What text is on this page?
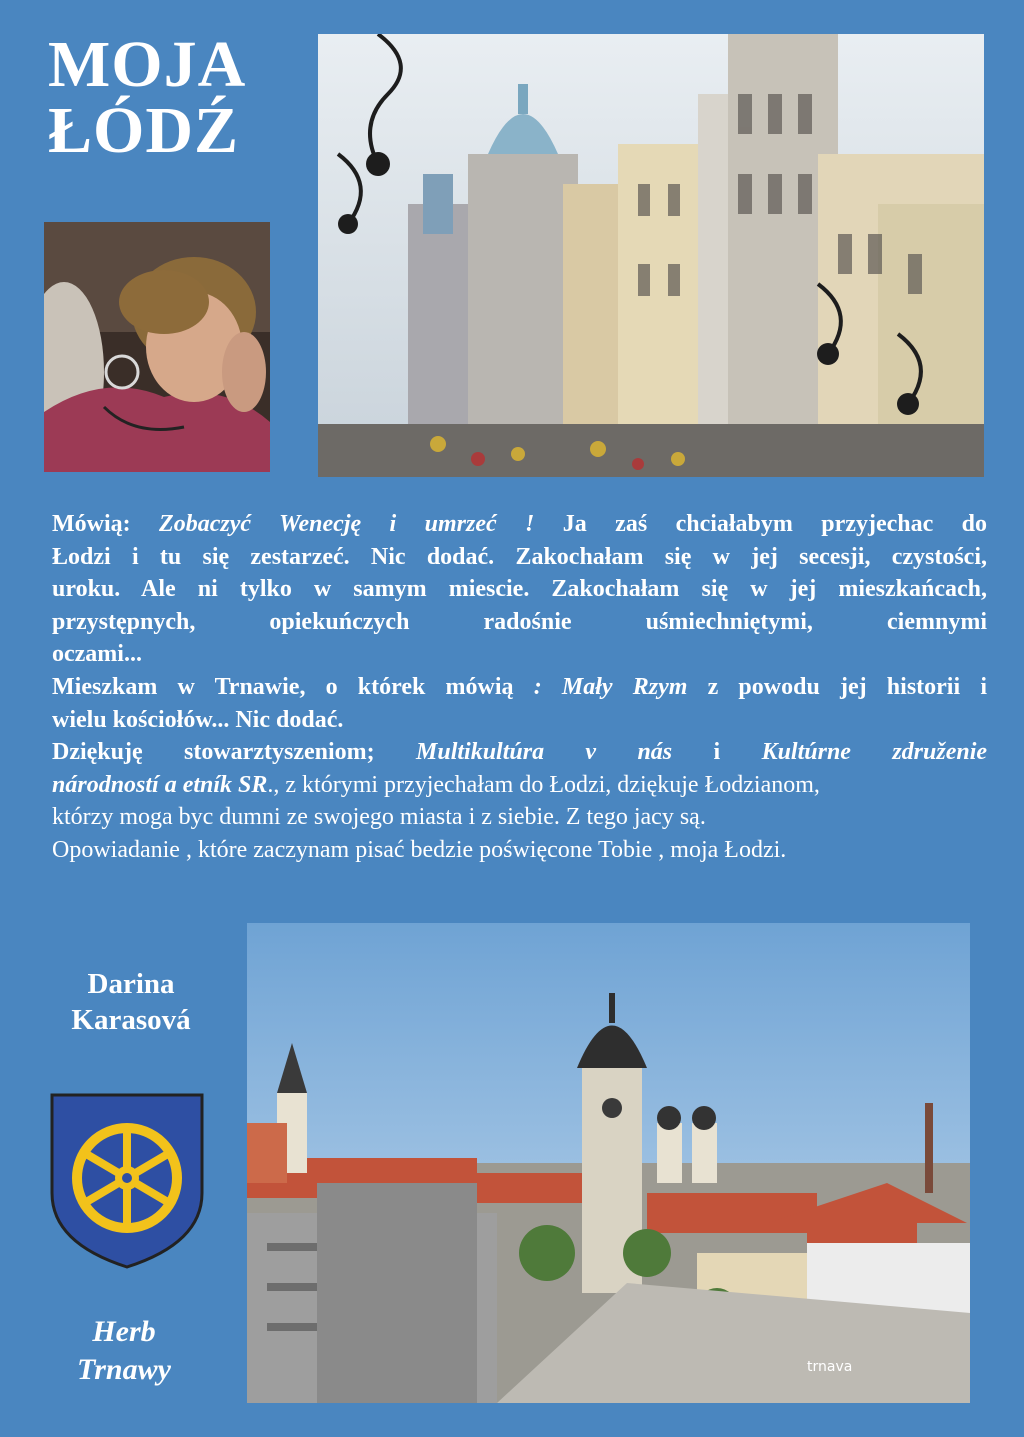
MOJA
ŁÓDŹ

Mówią: Zobaczyć Wenecję i umrzeć ! Ja zaś chciałabym przyjechac do

Łodzi i tu się zestarzeć. Nic dodać. Zakochałam się w jej secesji, czystości,

uroku. Ale ni tylko w samym miescie. Zakochałam się w jej mieszkańcach,

przystępnych, opiekuńczych radośnie uśmiechniętymi, ciemnymi

oczami...

Mieszkam w Trnawie, o którek mówią : Mały Rzym z powodu jej historii i

wielu kościołów... Nic dodać.

Dziękuję stowarztyszeniom; Multikultúra v nás i Kultúrne združenie

národností a etník SR., z którymi przyjechałam do Łodzi, dziękuje Łodzianom,

którzy moga byc dumni ze swojego miasta i z siebie. Z tego jacy są.

Opowiadanie , które zaczynam pisać bedzie poświęcone Tobie , moja Łodzi.

Darina
Karasová
Herb
Trnawy	trnava
